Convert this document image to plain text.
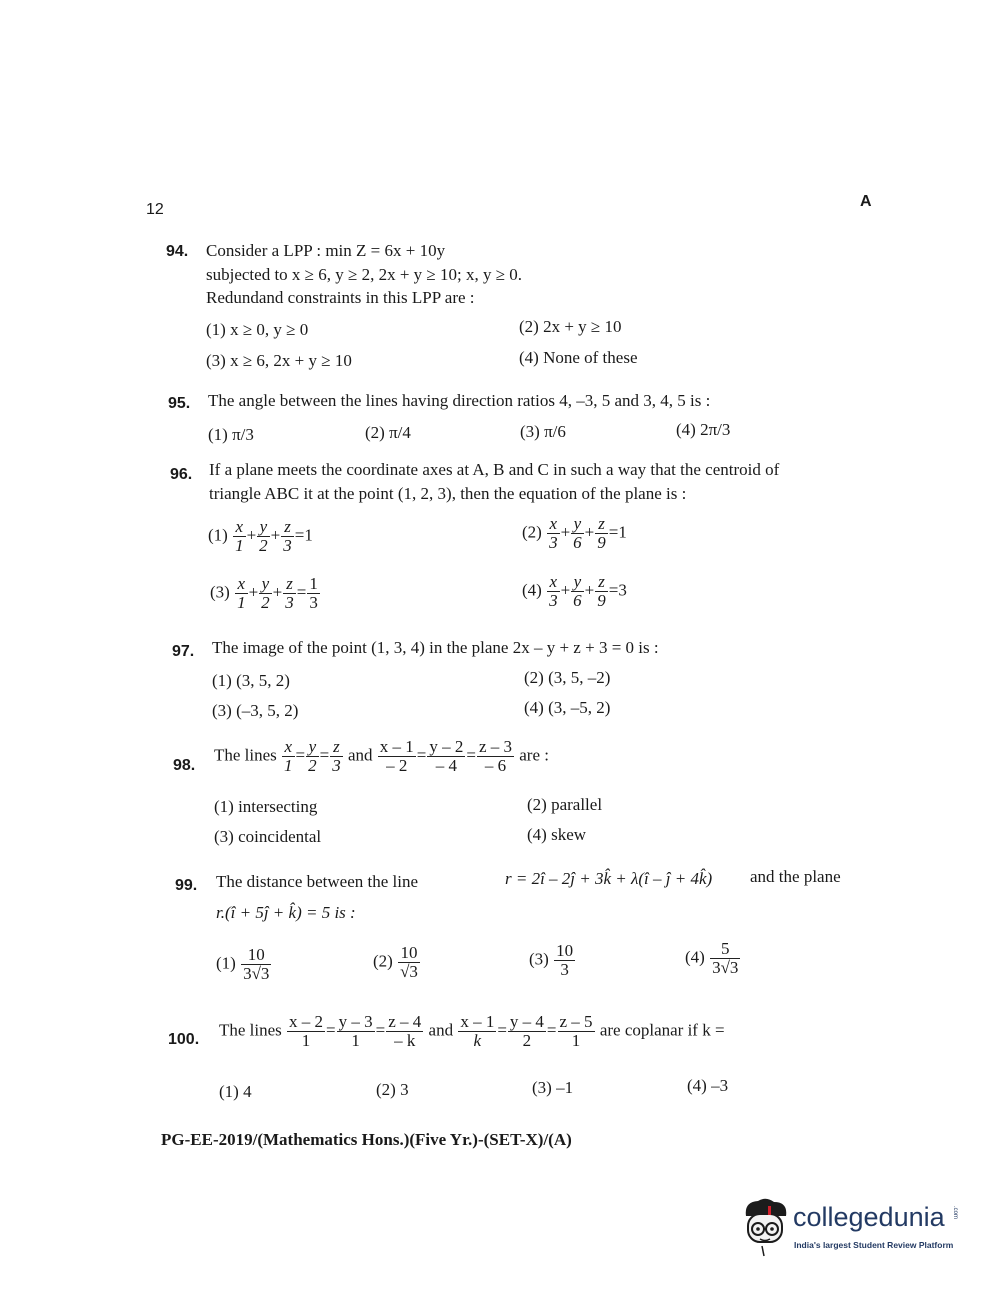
12	A
94. Consider a LPP : min Z = 6x + 10y
subjected to x ≥ 6, y ≥ 2, 2x + y ≥ 10; x, y ≥ 0.
Redundand constraints in this LPP are :
(1) x ≥ 0, y ≥ 0	(2) 2x + y ≥ 10
(3) x ≥ 6, 2x + y ≥ 10	(4) None of these
95. The angle between the lines having direction ratios 4, –3, 5 and 3, 4, 5 is :
(1) π/3	(2) π/4	(3) π/6	(4) 2π/3
96. If a plane meets the coordinate axes at A, B and C in such a way that the centroid of
triangle ABC it at the point (1, 2, 3), then the equation of the plane is :
$(1) \frac{x}{1} + \frac{y}{2} + \frac{z}{3} =1$	$(2) \frac{x}{3} + \frac{y}{6} + \frac{z}{9} =1$
$(3) \frac{x}{1} + \frac{y}{2} + \frac{z}{3} = \frac{1}{3}$	$(4) \frac{x}{3} + \frac{y}{6} + \frac{z}{9} =3$
97. The image of the point (1, 3, 4) in the plane 2x – y + z + 3 = 0 is :
(1) (3, 5, 2)	(2) (3, 5, –2)
(3) (–3, 5, 2)	(4) (3, –5, 2)
98.
The lines $\frac{x}{1} = \frac{y}{2} = \frac{z}{3}$ and $\frac{x - 1}{- 2} = \frac{y - 2}{- 4} = \frac{z - 3}{- 6}$ are :
(1) intersecting	(2) parallel
(3) coincidental	(4) skew
99. The distance between the line	r = 2î – 2ĵ + 3k̂ + λ(î – ĵ + 4k̂) and the plane
r.(î + 5ĵ + k̂) = 5 is :
$(1) \frac{10}{3√3}$	$(2) \frac{10}{√3}$	$(3) \frac{10}{3}$	$(4) \frac{5}{3√3}$
100.
The lines $\frac{x - 2}{1} = \frac{y - 3}{1} = \frac{z - 4}{- k}$ and $\frac{x - 1}{k} = \frac{y - 4}{2} = \frac{z - 5}{1}$ are coplanar if k =
(1) 4	(2) 3	(3) –1	(4) –3
PG-EE-2019/(Mathematics Hons.)(Five Yr.)-(SET-X)/(A)
collegedunia .com
India's largest Student Review Platform
